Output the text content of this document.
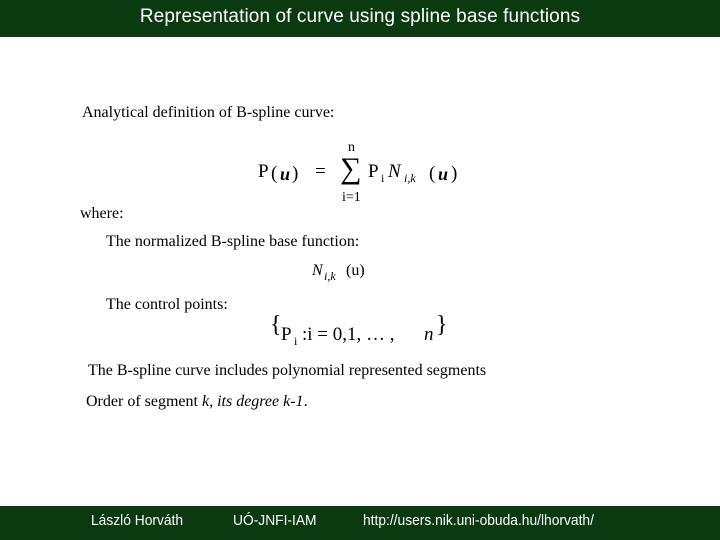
Representation of curve using spline base functions
Analytical definition of B-spline curve:
P ( u ) = ∑
n
i=1
P i N i,k ( u )
where:
The normalized B-spline base function:
N i,k (u)
The control points:
{ P i :i = 0,1, … , n }
The B-spline curve includes polynomial represented segments
Order of segment k, its degree k-1.
László Horváth	UÓ-JNFI-IAM	http://users.nik.uni-obuda.hu/lhorvath/
